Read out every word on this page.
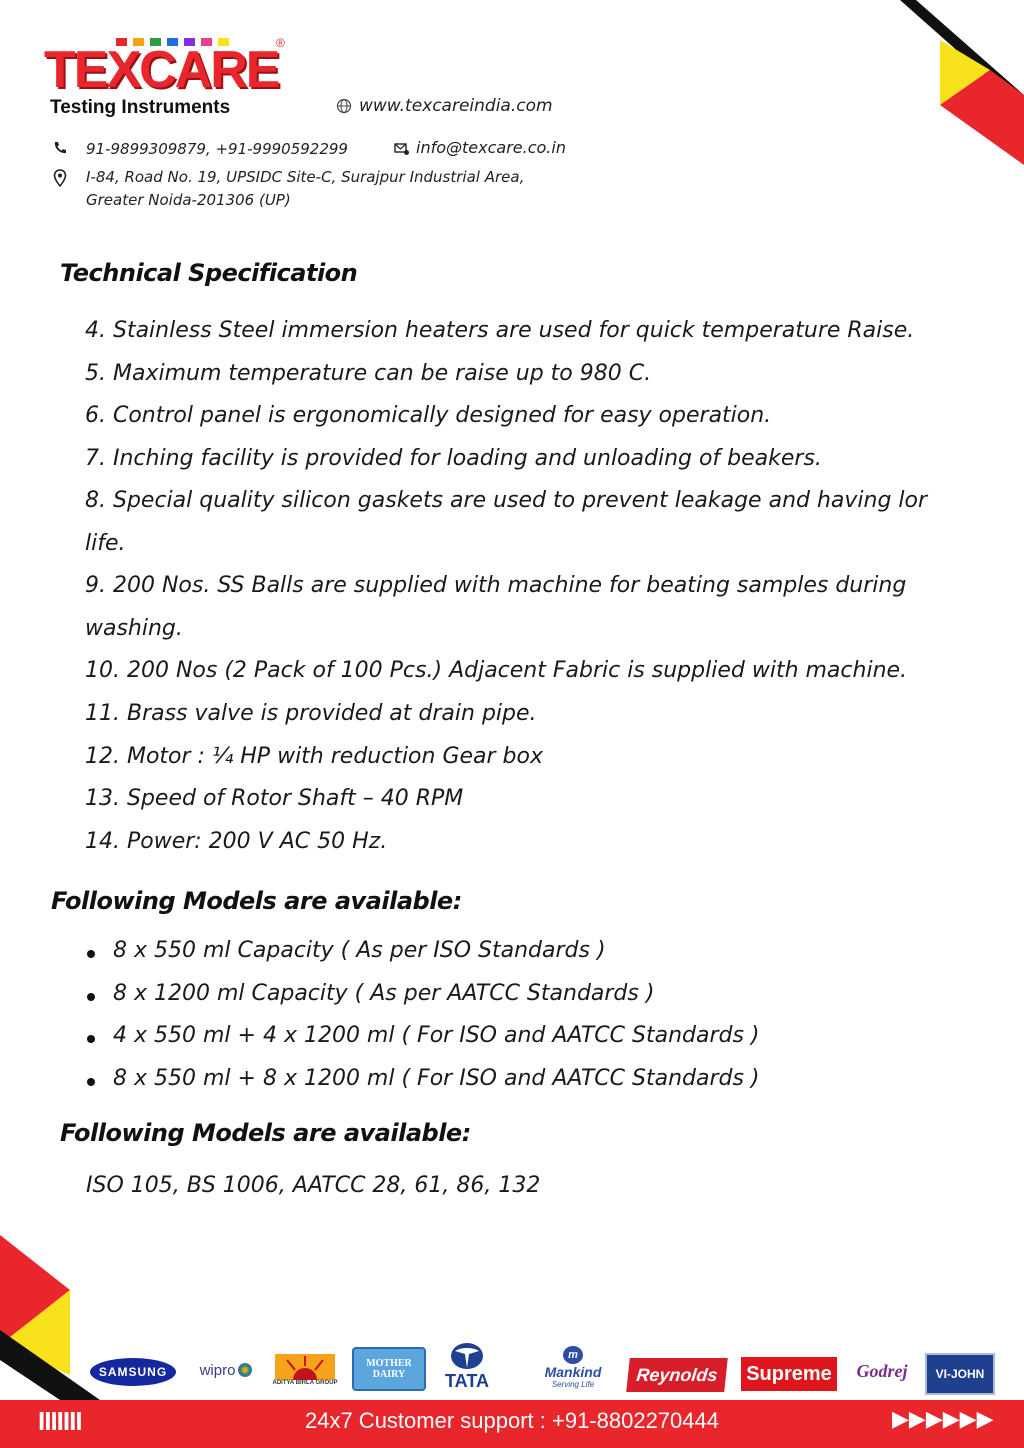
TEXCARE
®
Testing Instruments	www.texcareindia.com
91-9899309879, +91-9990592299	info@texcare.co.in
I-84, Road No. 19, UPSIDC Site-C, Surajpur Industrial Area,
Greater Noida-201306 (UP)
Technical Specification
4. Stainless Steel immersion heaters are used for quick temperature Raise.
5. Maximum temperature can be raise up to 980 C.
6. Control panel is ergonomically designed for easy operation.
7. Inching facility is provided for loading and unloading of beakers.
8. Special quality silicon gaskets are used to prevent leakage and having lor
life.
9. 200 Nos. SS Balls are supplied with machine for beating samples during
washing.
10. 200 Nos (2 Pack of 100 Pcs.) Adjacent Fabric is supplied with machine.
11. Brass valve is provided at drain pipe.
12. Motor : ¼ HP with reduction Gear box
13. Speed of Rotor Shaft – 40 RPM
14. Power: 200 V AC 50 Hz.
Following Models are available:
8 x 550 ml Capacity ( As per ISO Standards )
8 x 1200 ml Capacity ( As per AATCC Standards )
4 x 550 ml + 4 x 1200 ml ( For ISO and AATCC Standards )
8 x 550 ml + 8 x 1200 ml ( For ISO and AATCC Standards )
Following Models are available:
ISO 105, BS 1006, AATCC 28, 61, 86, 132
SAMSUNG wipro
ADITYA BIRLA GROUP
MOTHER DAIRY	TATA
m
Mankind
Serving Life Reynolds Supreme Godrej VI-JOHN
IIIIIII	24x7 Customer support : +91-8802270444	▶▶▶▶▶▶
